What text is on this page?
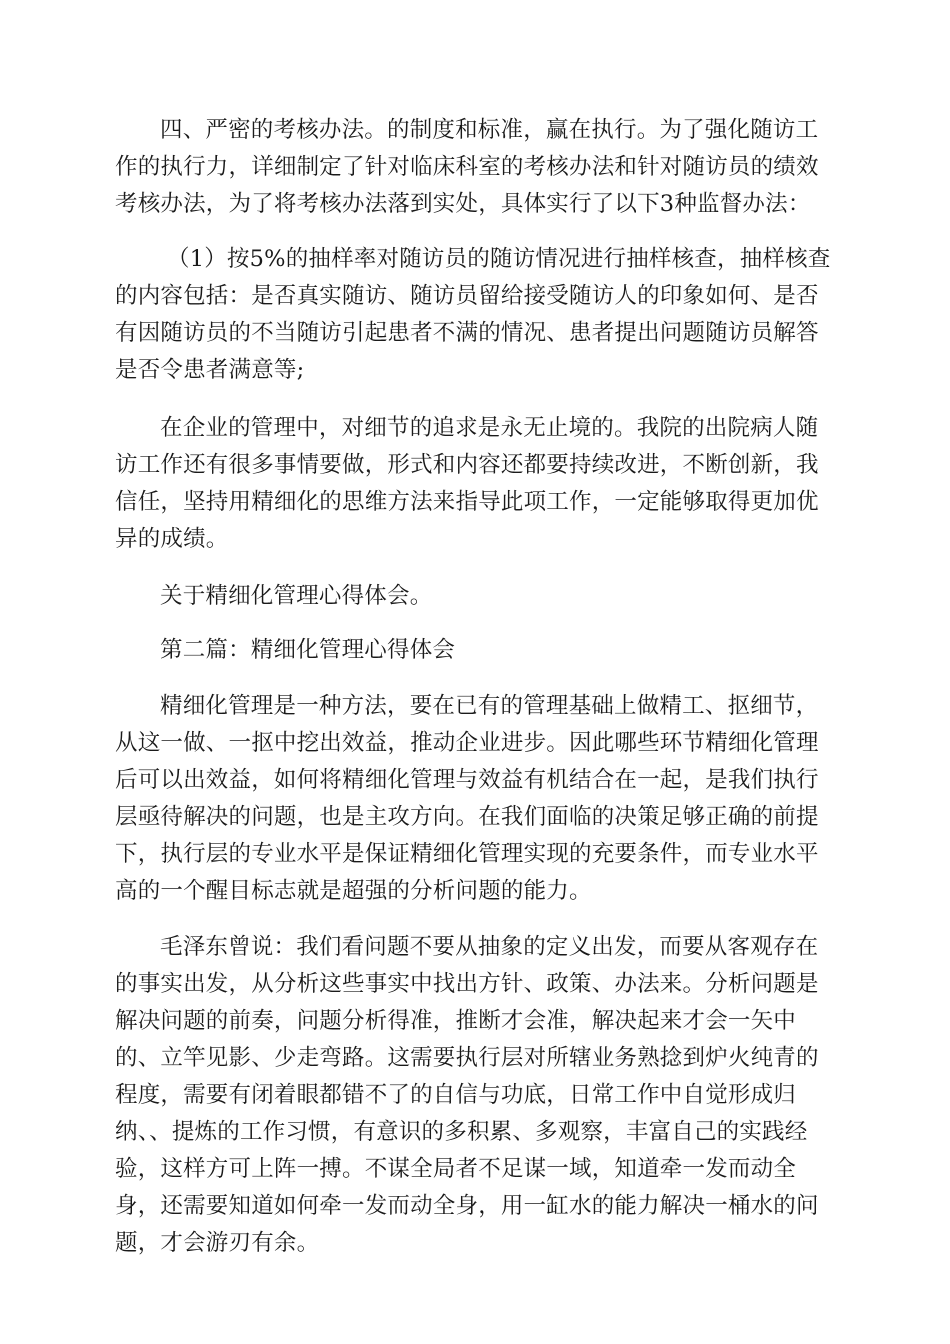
四、严密的考核办法。的制度和标准，赢在执行。为了强化随访工作的执行力，详细制定了针对临床科室的考核办法和针对随访员的绩效考核办法，为了将考核办法落到实处，具体实行了以下3种监督办法：

（1）按5%的抽样率对随访员的随访情况进行抽样核查，抽样核查的内容包括：是否真实随访、随访员留给接受随访人的印象如何、是否有因随访员的不当随访引起患者不满的情况、患者提出问题随访员解答是否令患者满意等;

在企业的管理中，对细节的追求是永无止境的。我院的出院病人随访工作还有很多事情要做，形式和内容还都要持续改进，不断创新，我信任，坚持用精细化的思维方法来指导此项工作，一定能够取得更加优异的成绩。

关于精细化管理心得体会。

第二篇：精细化管理心得体会

精细化管理是一种方法，要在已有的管理基础上做精工、抠细节，从这一做、一抠中挖出效益，推动企业进步。因此哪些环节精细化管理后可以出效益，如何将精细化管理与效益有机结合在一起，是我们执行层亟待解决的问题，也是主攻方向。在我们面临的决策足够正确的前提下，执行层的专业水平是保证精细化管理实现的充要条件，而专业水平高的一个醒目标志就是超强的分析问题的能力。

毛泽东曾说：我们看问题不要从抽象的定义出发，而要从客观存在的事实出发，从分析这些事实中找出方针、政策、办法来。分析问题是解决问题的前奏，问题分析得准，推断才会准，解决起来才会一矢中的、立竿见影、少走弯路。这需要执行层对所辖业务熟捻到炉火纯青的程度，需要有闭着眼都错不了的自信与功底，日常工作中自觉形成归纳、、提炼的工作习惯，有意识的多积累、多观察，丰富自己的实践经验，这样方可上阵一搏。不谋全局者不足谋一域，知道牵一发而动全身，还需要知道如何牵一发而动全身，用一缸水的能力解决一桶水的问题，才会游刃有余。
